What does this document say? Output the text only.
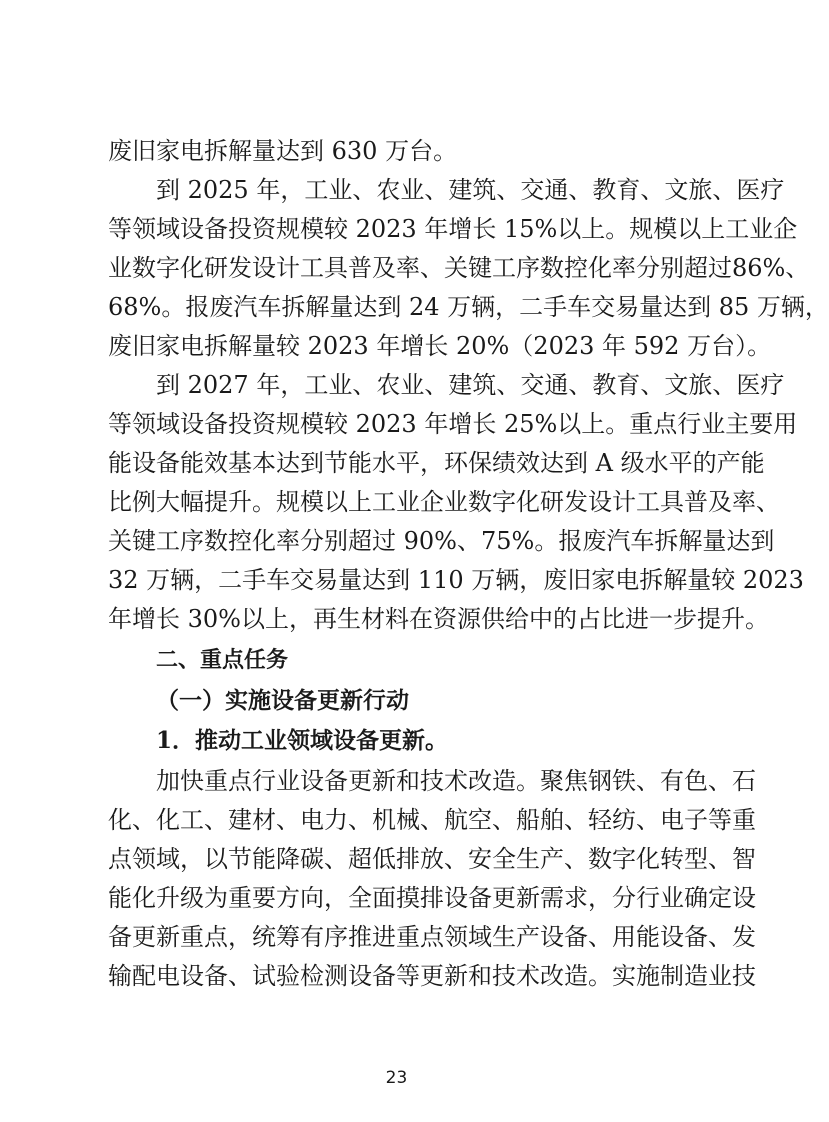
废旧家电拆解量达到 630 万台。
到 2025 年，工业、农业、建筑、交通、教育、文旅、医疗
等领域设备投资规模较 2023 年增长 15%以上。规模以上工业企
业数字化研发设计工具普及率、关键工序数控化率分别超过86%、
68%。报废汽车拆解量达到 24 万辆，二手车交易量达到 85 万辆，
废旧家电拆解量较 2023 年增长 20%（2023 年 592 万台）。
到 2027 年，工业、农业、建筑、交通、教育、文旅、医疗
等领域设备投资规模较 2023 年增长 25%以上。重点行业主要用
能设备能效基本达到节能水平，环保绩效达到 A 级水平的产能
比例大幅提升。规模以上工业企业数字化研发设计工具普及率、
关键工序数控化率分别超过 90%、75%。报废汽车拆解量达到
32 万辆，二手车交易量达到 110 万辆，废旧家电拆解量较 2023
年增长 30%以上，再生材料在资源供给中的占比进一步提升。
二、重点任务
（一）实施设备更新行动
1．推动工业领域设备更新。
加快重点行业设备更新和技术改造。聚焦钢铁、有色、石
化、化工、建材、电力、机械、航空、船舶、轻纺、电子等重
点领域，以节能降碳、超低排放、安全生产、数字化转型、智
能化升级为重要方向，全面摸排设备更新需求，分行业确定设
备更新重点，统筹有序推进重点领域生产设备、用能设备、发
输配电设备、试验检测设备等更新和技术改造。实施制造业技
23
